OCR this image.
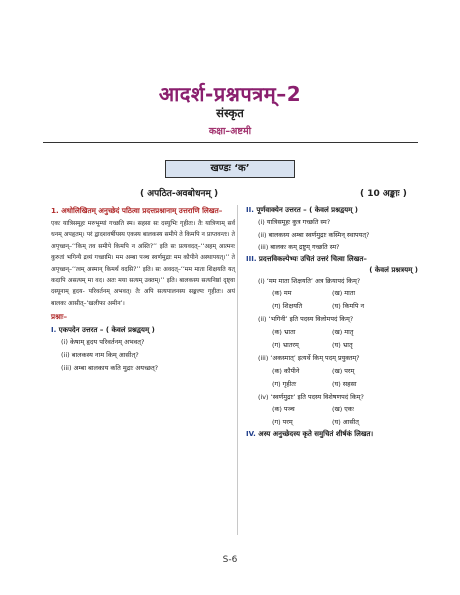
आदर्श-प्रश्नपत्रम्–2
संस्कृत
कक्षा–अष्टमी
खण्डः ‘क’
( अपठित-अवबोधनम् )	( 10 अङ्काः )
1. अधोलिखितम् अनुच्छेदं पठित्वा प्रदत्तप्रश्नानाम् उत्तराणि लिखत–
एकः यात्रिसमूहः मरुभूम्यां गच्छति स्म। सहसा सः दस्युभिः गृहीतः। तैः यात्रिणाम् सर्वं धनम् अपहृतम्। परं द्वादशवर्षीयस्य एकस्य बालकस्य समीपे ते किमपि न प्राप्तवन्तः। ते अपृच्छन्–‘‘किम् तव समीपे किमपि न अस्ति?’’ इति सः प्रत्यवदत्–‘‘अहम् आत्मनः कुरुतां भगिन्यै द्रव्यं गच्छामि। मम अम्बा पञ्च स्वर्णमुद्राः मम कौपीने अस्थापयत्।’’ ते अपृच्छन्–‘‘त्वम् अस्मान् किमर्थं वदसि?’’ इति। सः अवदत्–‘‘मम माता शिक्षयति यत् कदापि असत्यम् मा वद। अतः मया सत्यम् उक्तम्।’’ इति। बालकस्य सत्यनिष्ठां दृष्ट्वा दस्यूनाम् हृदय- परिवर्तनम् अभवत्। तैः अपि सत्यपालनस्य सङ्कल्पः गृहीतः। अयं बालकः आसीत्–‘खलीफा अमीन’।
प्रश्नाः–
I. एकपदेन उत्तरत – ( केवलं प्रश्नद्वयम् )
(i) केषाम् हृदय परिवर्तनम् अभवत्?
(ii) बालकस्य नाम किम् आसीत्?
(iii) अम्बा बालकाय कति मुद्राः अयच्छत्?
II. पूर्णवाक्येन उत्तरत – ( केवलं प्रश्नद्वयम् )
(i) यात्रिसमूहः कुत्र गच्छति स्म?
(ii) बालकस्य अम्बा स्वर्णमुद्राः कस्मिन् स्थापयत्?
(iii) बालकः कम् द्रष्टुम् गच्छति स्म?
III. प्रदत्तविकल्पेभ्यः उचितं उत्तरं चित्वा लिखत–
( केवलं प्रश्नत्रयम् )
(i) ‘मम माता शिक्षयति’ अत्र क्रियापदं किम्?
(क) मम	(ख) माता
(ग) शिक्षयति	(घ) किमपि न
(ii) ‘भगिनी’ इति पदस्य विलोमपदं किम्?
(क) भ्राता	(ख) मातृ
(ग) भ्रातरम्	(घ) भ्रातृ
(iii) ‘अकस्मात्’ इत्यर्थे किम् पदम् प्रयुक्तम्?
(क) कौपीने	(ख) परम्
(ग) गृहीतः	(घ) सहसा
(iv) ‘स्वर्णमुद्राः’ इति पदस्य विशेषणपदं किम्?
(क) पञ्च	(ख) एकः
(ग) परम्	(घ) आसीत्
IV. अस्य अनुच्छेदस्य कृते समुचितं शीर्षकं लिखत।
S-6
